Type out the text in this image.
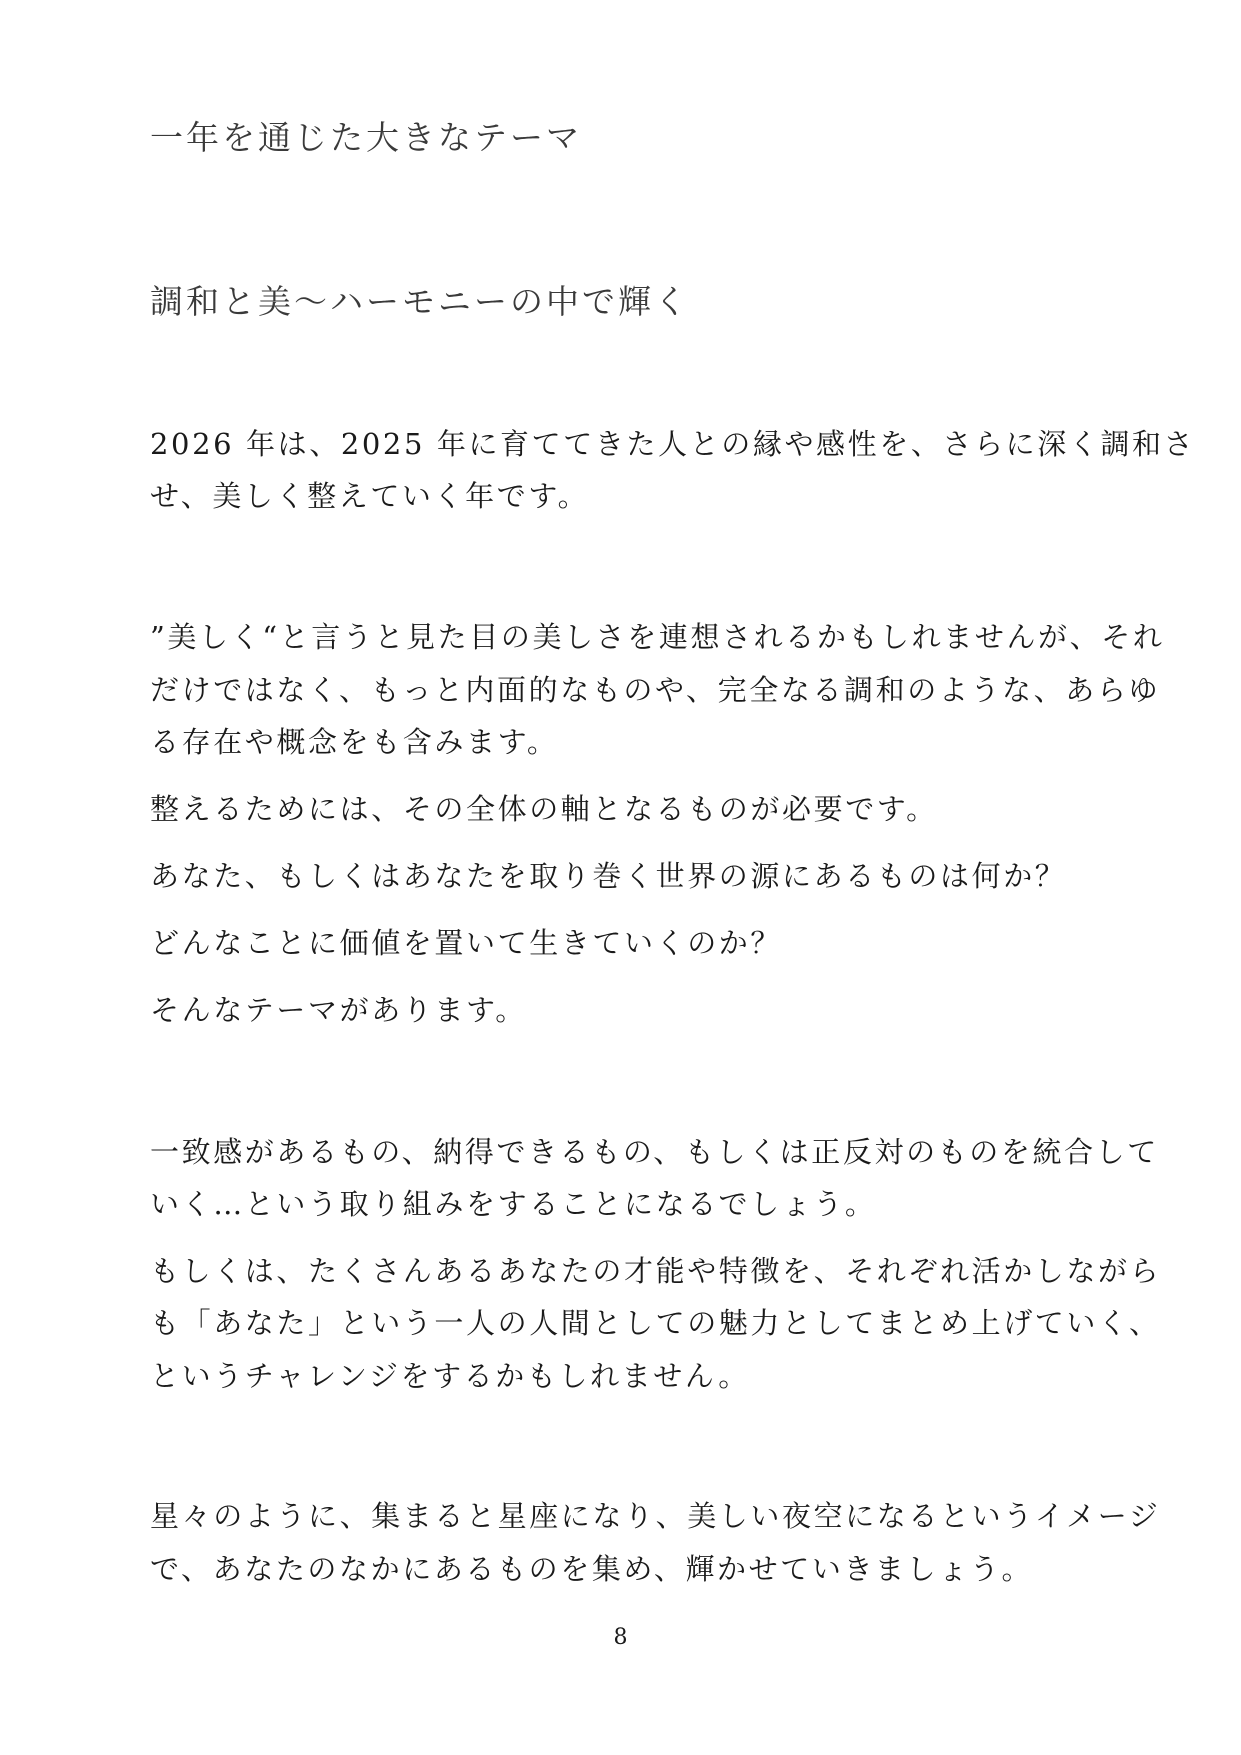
一年を通じた大きなテーマ
調和と美〜ハーモニーの中で輝く
2026 年は、2025 年に育ててきた人との縁や感性を、さらに深く調和さ
せ、美しく整えていく年です。
”美しく“と言うと見た目の美しさを連想されるかもしれませんが、それ
だけではなく、もっと内面的なものや、完全なる調和のような、あらゆ
る存在や概念をも含みます。
整えるためには、その全体の軸となるものが必要です。
あなた、もしくはあなたを取り巻く世界の源にあるものは何か？
どんなことに価値を置いて生きていくのか？
そんなテーマがあります。
一致感があるもの、納得できるもの、もしくは正反対のものを統合して
いく…という取り組みをすることになるでしょう。
もしくは、たくさんあるあなたの才能や特徴を、それぞれ活かしながら
も「あなた」という一人の人間としての魅力としてまとめ上げていく、
というチャレンジをするかもしれません。
星々のように、集まると星座になり、美しい夜空になるというイメージ
で、あなたのなかにあるものを集め、輝かせていきましょう。
8
